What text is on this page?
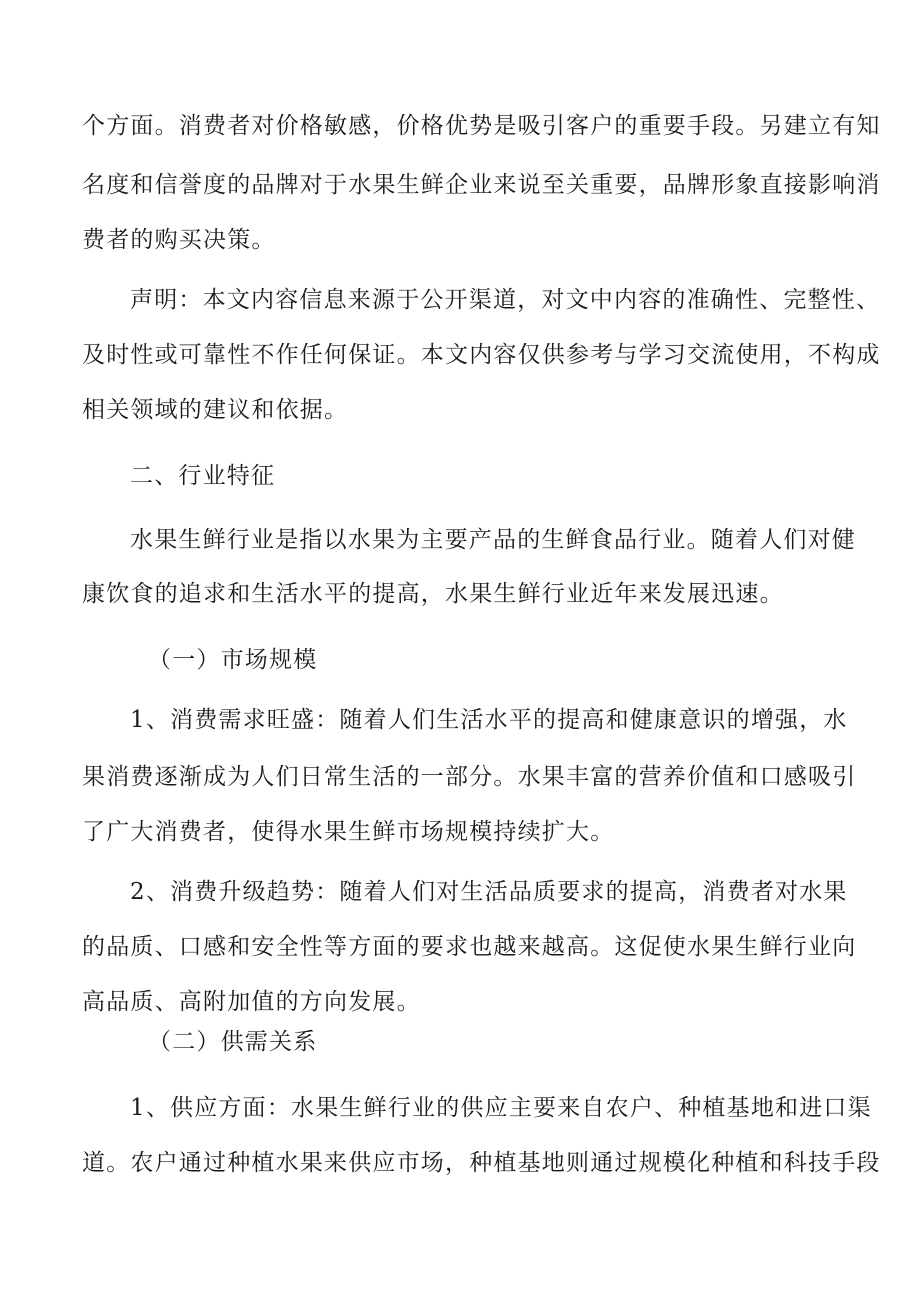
个方面。消费者对价格敏感，价格优势是吸引客户的重要手段。另建立有知
名度和信誉度的品牌对于水果生鲜企业来说至关重要，品牌形象直接影响消
费者的购买决策。
声明：本文内容信息来源于公开渠道，对文中内容的准确性、完整性、
及时性或可靠性不作任何保证。本文内容仅供参考与学习交流使用，不构成
相关领域的建议和依据。
二、行业特征
水果生鲜行业是指以水果为主要产品的生鲜食品行业。随着人们对健
康饮食的追求和生活水平的提高，水果生鲜行业近年来发展迅速。
（一）市场规模
1、消费需求旺盛：随着人们生活水平的提高和健康意识的增强，水
果消费逐渐成为人们日常生活的一部分。水果丰富的营养价值和口感吸引
了广大消费者，使得水果生鲜市场规模持续扩大。
2、消费升级趋势：随着人们对生活品质要求的提高，消费者对水果
的品质、口感和安全性等方面的要求也越来越高。这促使水果生鲜行业向
高品质、高附加值的方向发展。
（二）供需关系
1、供应方面：水果生鲜行业的供应主要来自农户、种植基地和进口渠
道。农户通过种植水果来供应市场，种植基地则通过规模化种植和科技手段
